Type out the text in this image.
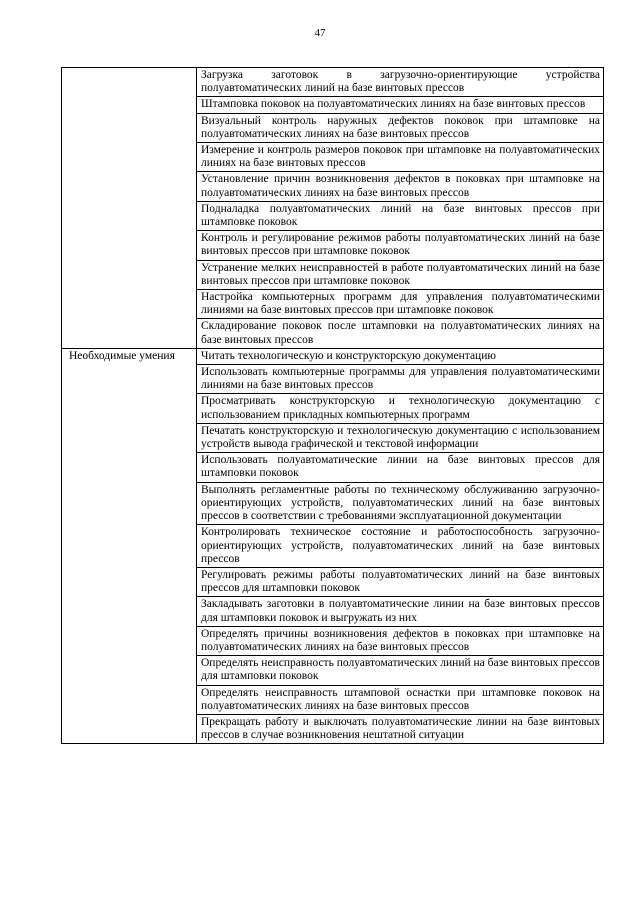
47
	Загрузка заготовок в загрузочно-ориентирующие устройства полуавтоматических линий на базе винтовых прессов
	Штамповка поковок на полуавтоматических линиях на базе винтовых прессов
	Визуальный контроль наружных дефектов поковок при штамповке на полуавтоматических линиях на базе винтовых прессов
	Измерение и контроль размеров поковок при штамповке на полуавтоматических линиях на базе винтовых прессов
	Установление причин возникновения дефектов в поковках при штамповке на полуавтоматических линиях на базе винтовых прессов
	Подналадка полуавтоматических линий на базе винтовых прессов при штамповке поковок
	Контроль и регулирование режимов работы полуавтоматических линий на базе винтовых прессов при штамповке поковок
	Устранение мелких неисправностей в работе полуавтоматических линий на базе винтовых прессов при штамповке поковок
	Настройка компьютерных программ для управления полуавтоматическими линиями на базе винтовых прессов при штамповке поковок
	Складирование поковок после штамповки на полуавтоматических линиях на базе винтовых прессов

Необходимые умения	Читать технологическую и конструкторскую документацию
	Использовать компьютерные программы для управления полуавтоматическими линиями на базе винтовых прессов
	Просматривать конструкторскую и технологическую документацию с использованием прикладных компьютерных программ
	Печатать конструкторскую и технологическую документацию с использованием устройств вывода графической и текстовой информации
	Использовать полуавтоматические линии на базе винтовых прессов для штамповки поковок
	Выполнять регламентные работы по техническому обслуживанию загрузочно-ориентирующих устройств, полуавтоматических линий на базе винтовых прессов в соответствии с требованиями эксплуатационной документации
	Контролировать техническое состояние и работоспособность загрузочно-ориентирующих устройств, полуавтоматических линий на базе винтовых прессов
	Регулировать режимы работы полуавтоматических линий на базе винтовых прессов для штамповки поковок
	Закладывать заготовки в полуавтоматические линии на базе винтовых прессов для штамповки поковок и выгружать из них
	Определять причины возникновения дефектов в поковках при штамповке на полуавтоматических линиях на базе винтовых прессов
	Определять неисправность полуавтоматических линий на базе винтовых прессов для штамповки поковок
	Определять неисправность штамповой оснастки при штамповке поковок на полуавтоматических линиях на базе винтовых прессов
	Прекращать работу и выключать полуавтоматические линии на базе винтовых прессов в случае возникновения нештатной ситуации
